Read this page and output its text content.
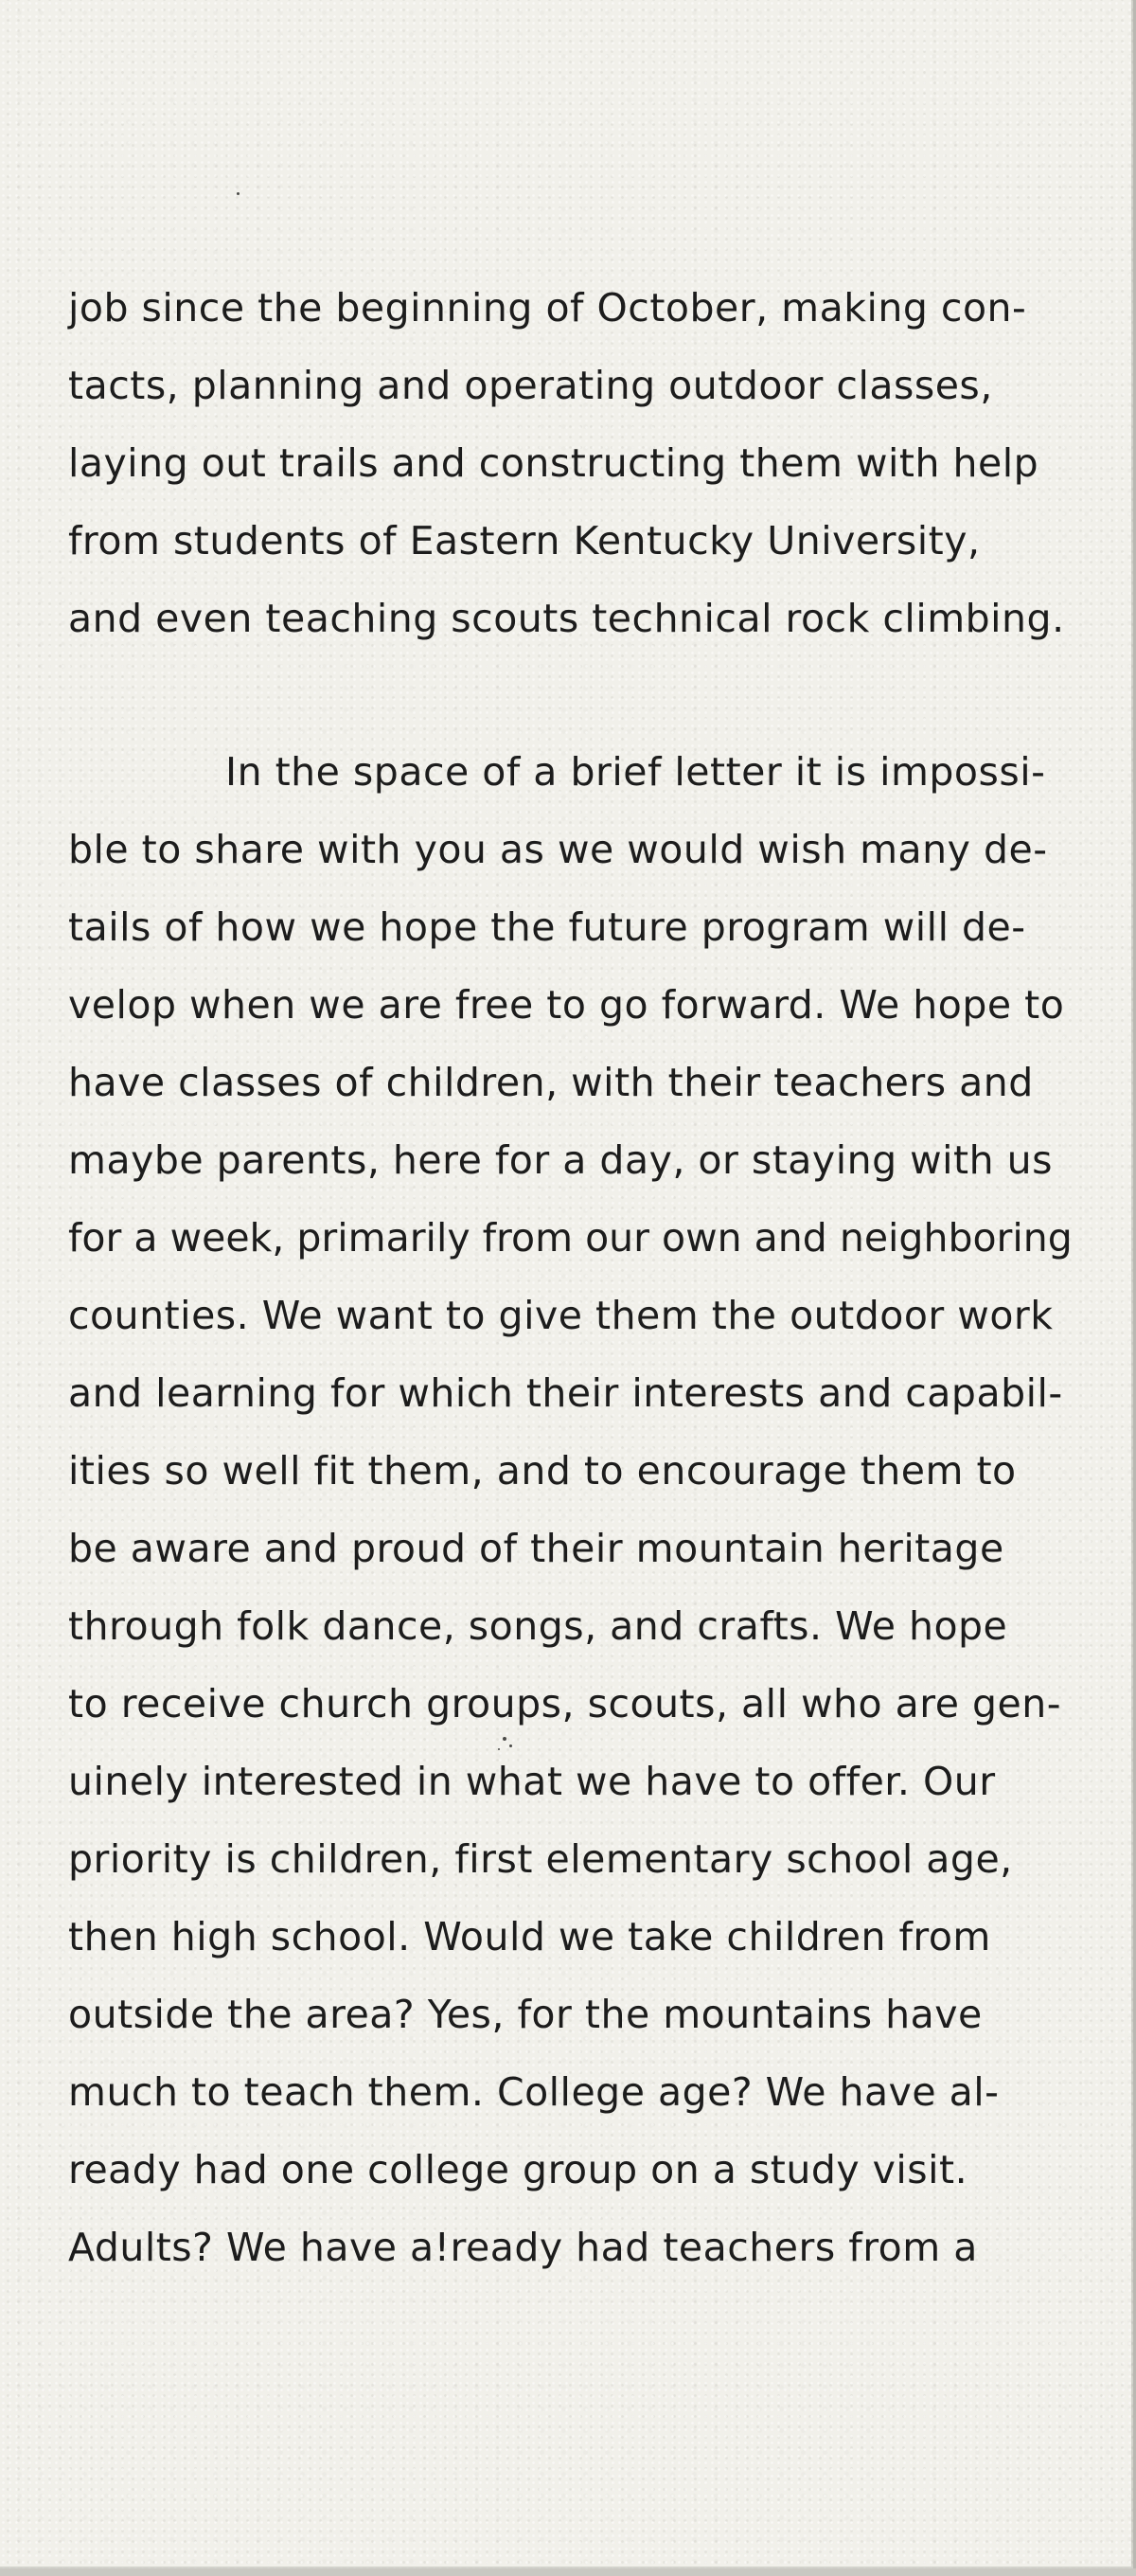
job since the beginning of October, making con-
tacts, planning and operating outdoor classes,
laying out trails and constructing them with help
from students of Eastern Kentucky University,
and even teaching scouts technical rock climbing.
In the space of a brief letter it is impossi-
ble to share with you as we would wish many de-
tails of how we hope the future program will de-
velop when we are free to go forward. We hope to
have classes of children, with their teachers and
maybe parents, here for a day, or staying with us
for a week, primarily from our own and neighboring
counties. We want to give them the outdoor work
and learning for which their interests and capabil-
ities so well fit them, and to encourage them to
be aware and proud of their mountain heritage
through folk dance, songs, and crafts. We hope
to receive church groups, scouts, all who are gen-
uinely interested in what we have to offer. Our
priority is children, first elementary school age,
then high school. Would we take children from
outside the area? Yes, for the mountains have
much to teach them. College age? We have al-
ready had one college group on a study visit.
Adults? We have a!ready had teachers from a
